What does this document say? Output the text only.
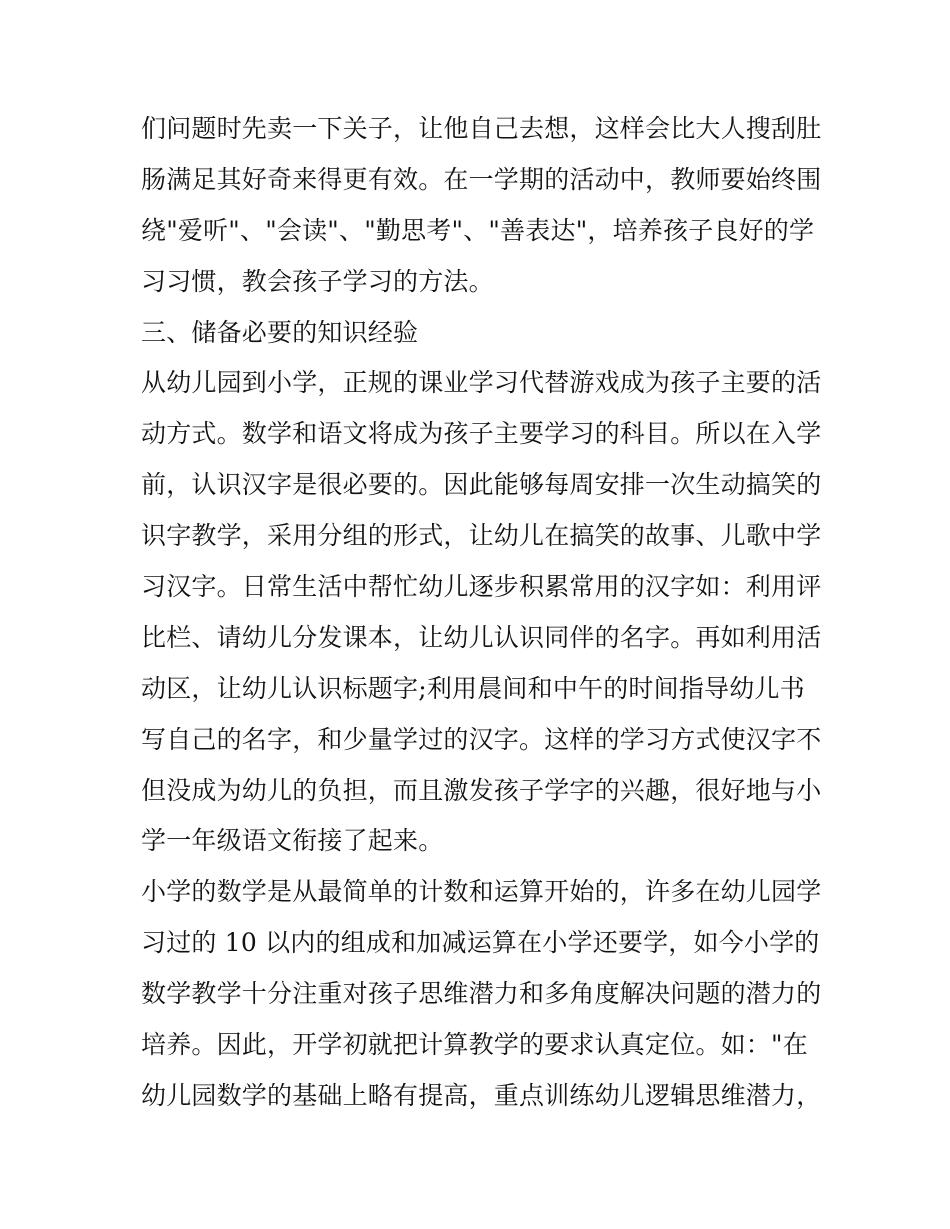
们问题时先卖一下关子，让他自己去想，这样会比大人搜刮肚
肠满足其好奇来得更有效。在一学期的活动中，教师要始终围
绕"爱听"、"会读"、"勤思考"、"善表达"，培养孩子良好的学
习习惯，教会孩子学习的方法。
三、储备必要的知识经验
从幼儿园到小学，正规的课业学习代替游戏成为孩子主要的活
动方式。数学和语文将成为孩子主要学习的科目。所以在入学
前，认识汉字是很必要的。因此能够每周安排一次生动搞笑的
识字教学，采用分组的形式，让幼儿在搞笑的故事、儿歌中学
习汉字。日常生活中帮忙幼儿逐步积累常用的汉字如：利用评
比栏、请幼儿分发课本，让幼儿认识同伴的名字。再如利用活
动区，让幼儿认识标题字;利用晨间和中午的时间指导幼儿书
写自己的名字，和少量学过的汉字。这样的学习方式使汉字不
但没成为幼儿的负担，而且激发孩子学字的兴趣，很好地与小
学一年级语文衔接了起来。
小学的数学是从最简单的计数和运算开始的，许多在幼儿园学
习过的 10 以内的组成和加减运算在小学还要学，如今小学的
数学教学十分注重对孩子思维潜力和多角度解决问题的潜力的
培养。因此，开学初就把计算教学的要求认真定位。如："在
幼儿园数学的基础上略有提高，重点训练幼儿逻辑思维潜力，
